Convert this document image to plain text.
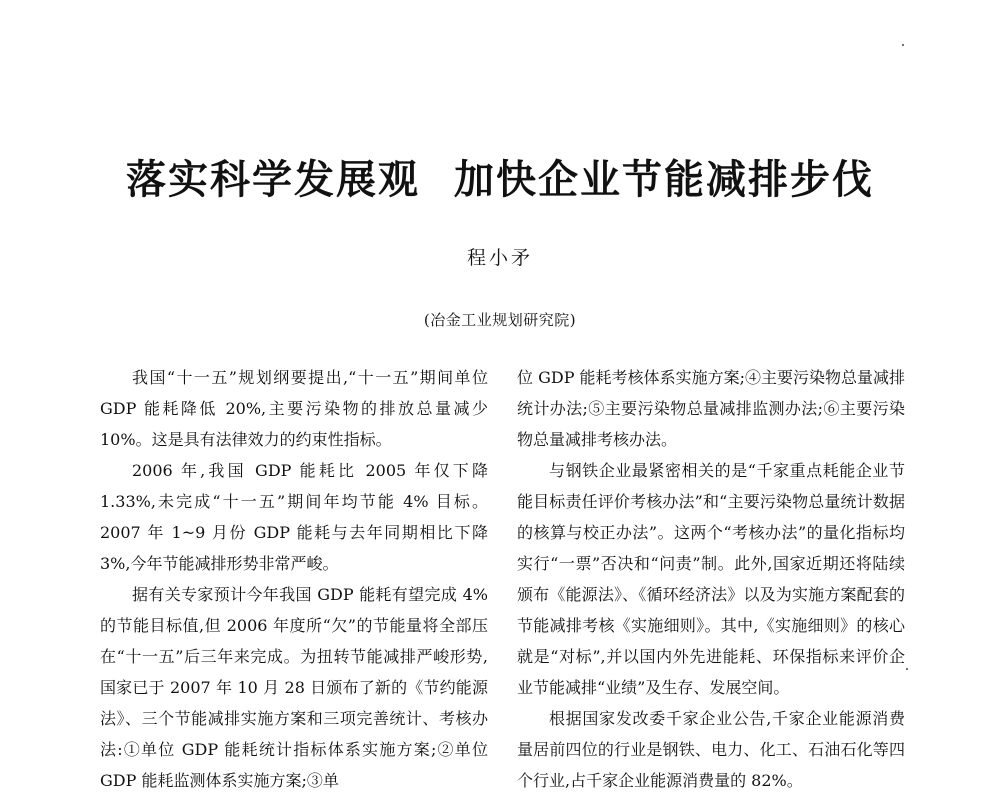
落实科学发展观 加快企业节能减排步伐
程小矛
(冶金工业规划研究院)

我国“十一五”规划纲要提出,“十一五”期间单位 GDP 能耗降低 20%,主要污染物的排放总量减少 10%。这是具有法律效力的约束性指标。

2006 年,我国 GDP 能耗比 2005 年仅下降 1.33%,未完成“十一五”期间年均节能 4% 目标。2007 年 1~9 月份 GDP 能耗与去年同期相比下降 3%,今年节能减排形势非常严峻。

据有关专家预计今年我国 GDP 能耗有望完成 4% 的节能目标值,但 2006 年度所“欠”的节能量将全部压在“十一五”后三年来完成。为扭转节能减排严峻形势,国家已于 2007 年 10 月 28 日颁布了新的《节约能源法》、三个节能减排实施方案和三项完善统计、考核办法:①单位 GDP 能耗统计指标体系实施方案;②单位 GDP 能耗监测体系实施方案;③单

位 GDP 能耗考核体系实施方案;④主要污染物总量减排统计办法;⑤主要污染物总量减排监测办法;⑥主要污染物总量减排考核办法。

与钢铁企业最紧密相关的是“千家重点耗能企业节能目标责任评价考核办法”和“主要污染物总量统计数据的核算与校正办法”。这两个“考核办法”的量化指标均实行“一票”否决和“问责”制。此外,国家近期还将陆续颁布《能源法》、《循环经济法》以及为实施方案配套的节能减排考核《实施细则》。其中,《实施细则》的核心就是“对标”,并以国内外先进能耗、环保指标来评价企业节能减排“业绩”及生存、发展空间。

根据国家发改委千家企业公告,千家企业能源消费量居前四位的行业是钢铁、电力、化工、石油石化等四个行业,占千家企业能源消费量的 82%。
